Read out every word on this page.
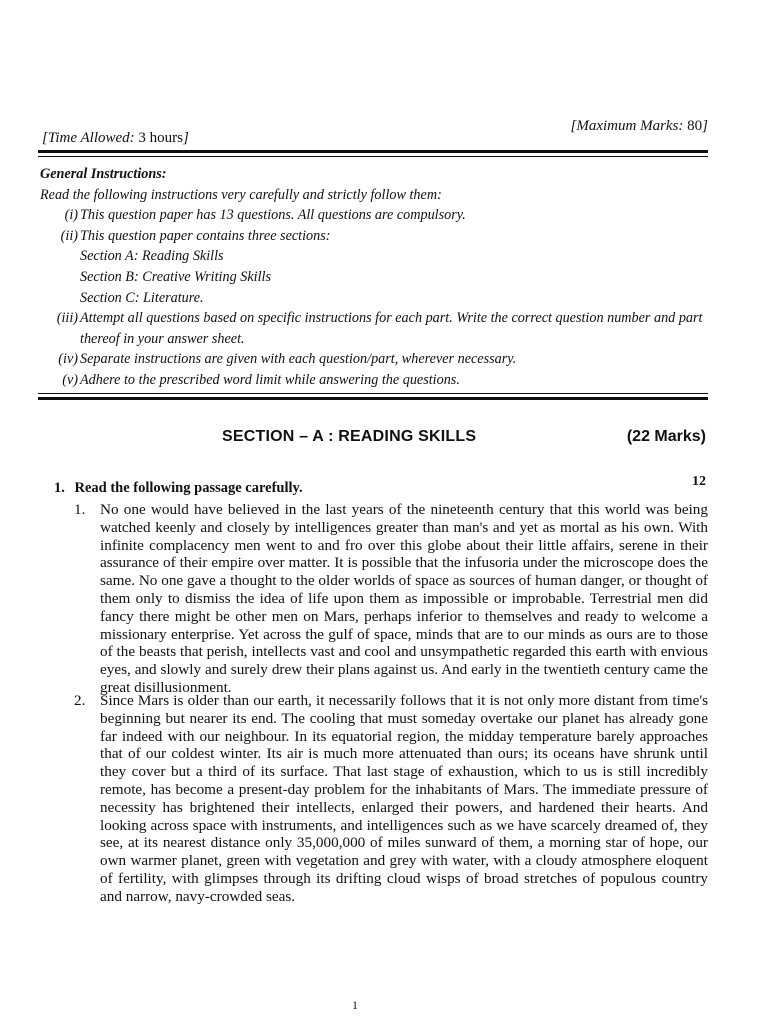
[Time Allowed: 3 hours]
[Maximum Marks: 80]
General Instructions:
Read the following instructions very carefully and strictly follow them:
(i) This question paper has 13 questions. All questions are compulsory.
(ii) This question paper contains three sections:
Section A: Reading Skills
Section B: Creative Writing Skills
Section C: Literature.
(iii) Attempt all questions based on specific instructions for each part. Write the correct question number and part thereof in your answer sheet.
(iv) Separate instructions are given with each question/part, wherever necessary.
(v) Adhere to the prescribed word limit while answering the questions.
SECTION – A : READING SKILLS	(22 Marks)
1. Read the following passage carefully.	12
1. No one would have believed in the last years of the nineteenth century that this world was being watched keenly and closely by intelligences greater than man's and yet as mortal as his own. With infinite complacency men went to and fro over this globe about their little affairs, serene in their assurance of their empire over matter. It is possible that the infusoria under the microscope does the same. No one gave a thought to the older worlds of space as sources of human danger, or thought of them only to dismiss the idea of life upon them as impossible or improbable. Terrestrial men did fancy there might be other men on Mars, perhaps inferior to themselves and ready to welcome a missionary enterprise. Yet across the gulf of space, minds that are to our minds as ours are to those of the beasts that perish, intellects vast and cool and unsympathetic regarded this earth with envious eyes, and slowly and surely drew their plans against us. And early in the twentieth century came the great disillusionment.
2. Since Mars is older than our earth, it necessarily follows that it is not only more distant from time's beginning but nearer its end. The cooling that must someday overtake our planet has already gone far indeed with our neighbour. In its equatorial region, the midday temperature barely approaches that of our coldest winter. Its air is much more attenuated than ours; its oceans have shrunk until they cover but a third of its surface. That last stage of exhaustion, which to us is still incredibly remote, has become a present-day problem for the inhabitants of Mars. The immediate pressure of necessity has brightened their intellects, enlarged their powers, and hardened their hearts. And looking across space with instruments, and intelligences such as we have scarcely dreamed of, they see, at its nearest distance only 35,000,000 of miles sunward of them, a morning star of hope, our own warmer planet, green with vegetation and grey with water, with a cloudy atmosphere eloquent of fertility, with glimpses through its drifting cloud wisps of broad stretches of populous country and narrow, navy-crowded seas.
1
